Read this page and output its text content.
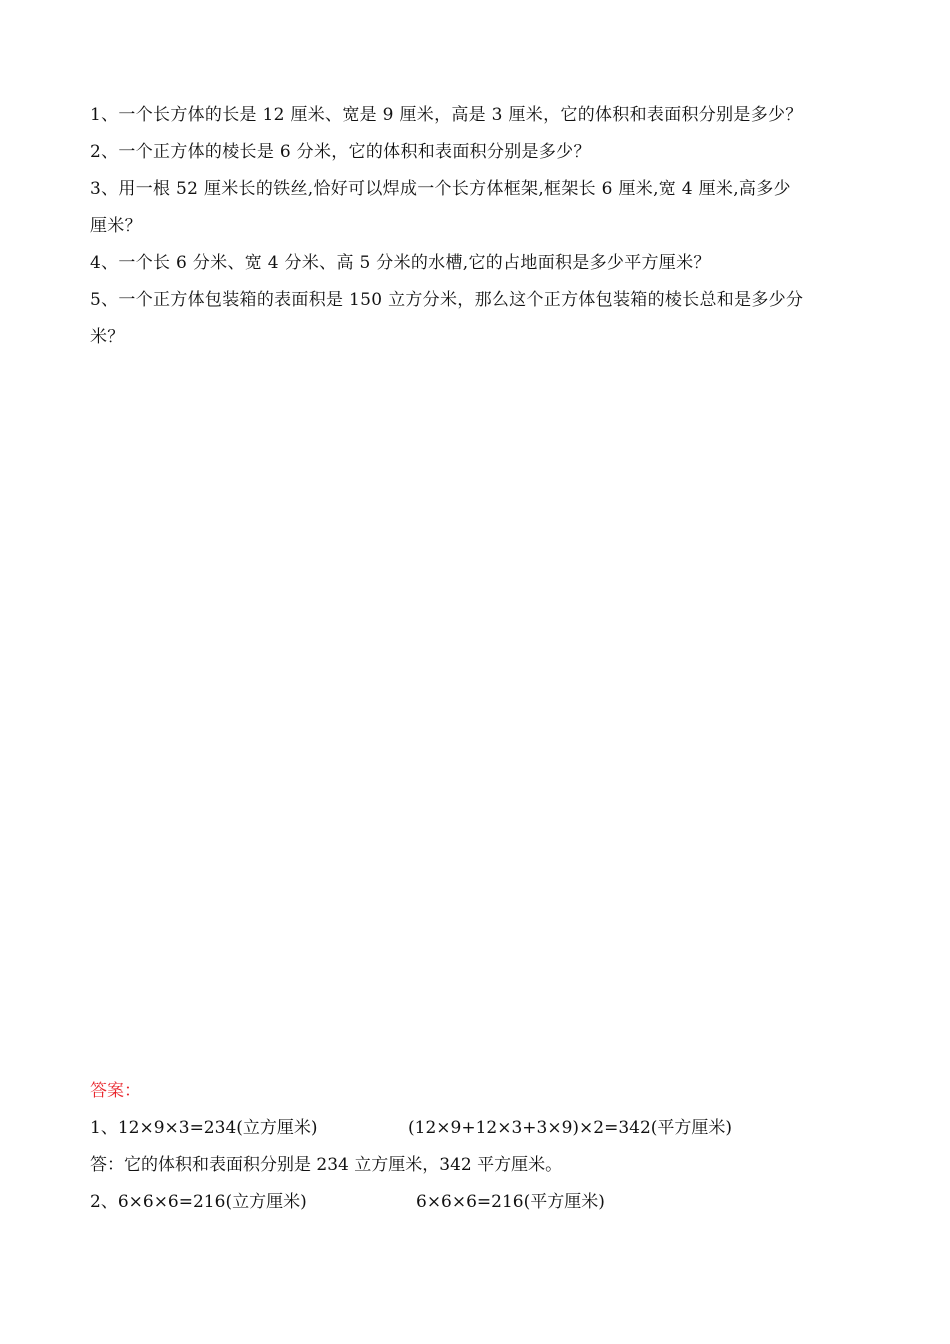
1、一个长方体的长是 12 厘米、宽是 9 厘米，高是 3 厘米，它的体积和表面积分别是多少？
2、一个正方体的棱长是 6 分米，它的体积和表面积分别是多少？
3、用一根 52 厘米长的铁丝,恰好可以焊成一个长方体框架,框架长 6 厘米,宽 4 厘米,高多少
厘米？
4、一个长 6 分米、宽 4 分米、高 5 分米的水槽,它的占地面积是多少平方厘米？
5、一个正方体包装箱的表面积是 150 立方分米，那么这个正方体包装箱的棱长总和是多少分
米？
答案：
1、12×9×3=234(立方厘米)	(12×9+12×3+3×9)×2=342(平方厘米)
答：它的体积和表面积分别是 234 立方厘米，342 平方厘米。
2、6×6×6=216(立方厘米)	6×6×6=216(平方厘米)
